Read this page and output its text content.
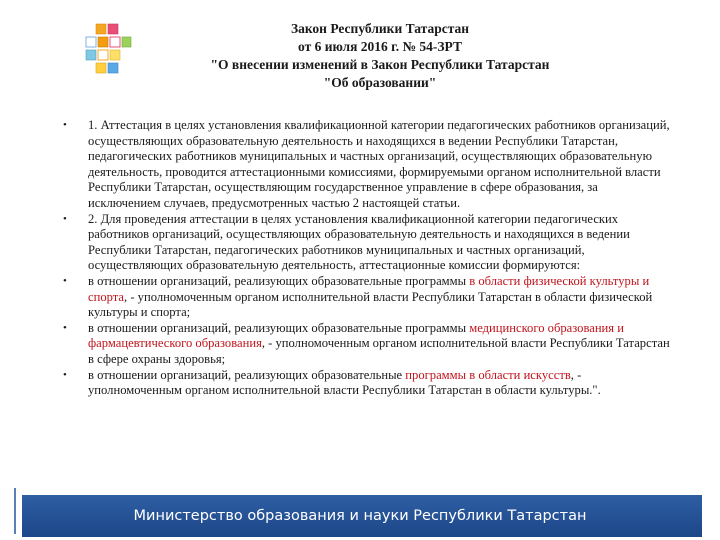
Закон Республики Татарстан
от 6 июля 2016 г. № 54-ЗРТ
"О внесении изменений в Закон Республики Татарстан
"Об образовании"
• 1. Аттестация в целях установления квалификационной категории педагогических работников организаций, осуществляющих образовательную деятельность и находящихся в ведении Республики Татарстан, педагогических работников муниципальных и частных организаций, осуществляющих образовательную деятельность, проводится аттестационными комиссиями, формируемыми органом исполнительной власти Республики Татарстан, осуществляющим государственное управление в сфере образования, за исключением случаев, предусмотренных частью 2 настоящей статьи.
• 2. Для проведения аттестации в целях установления квалификационной категории педагогических работников организаций, осуществляющих образовательную деятельность и находящихся в ведении Республики Татарстан, педагогических работников муниципальных и частных организаций, осуществляющих образовательную деятельность, аттестационные комиссии формируются:
• в отношении организаций, реализующих образовательные программы в области физической культуры и спорта, - уполномоченным органом исполнительной власти Республики Татарстан в области физической культуры и спорта;
• в отношении организаций, реализующих образовательные программы медицинского образования и фармацевтического образования, - уполномоченным органом исполнительной власти Республики Татарстан в сфере охраны здоровья;
• в отношении организаций, реализующих образовательные программы в области искусств, - уполномоченным органом исполнительной власти Республики Татарстан в области культуры.".
Министерство образования и науки Республики Татарстан
